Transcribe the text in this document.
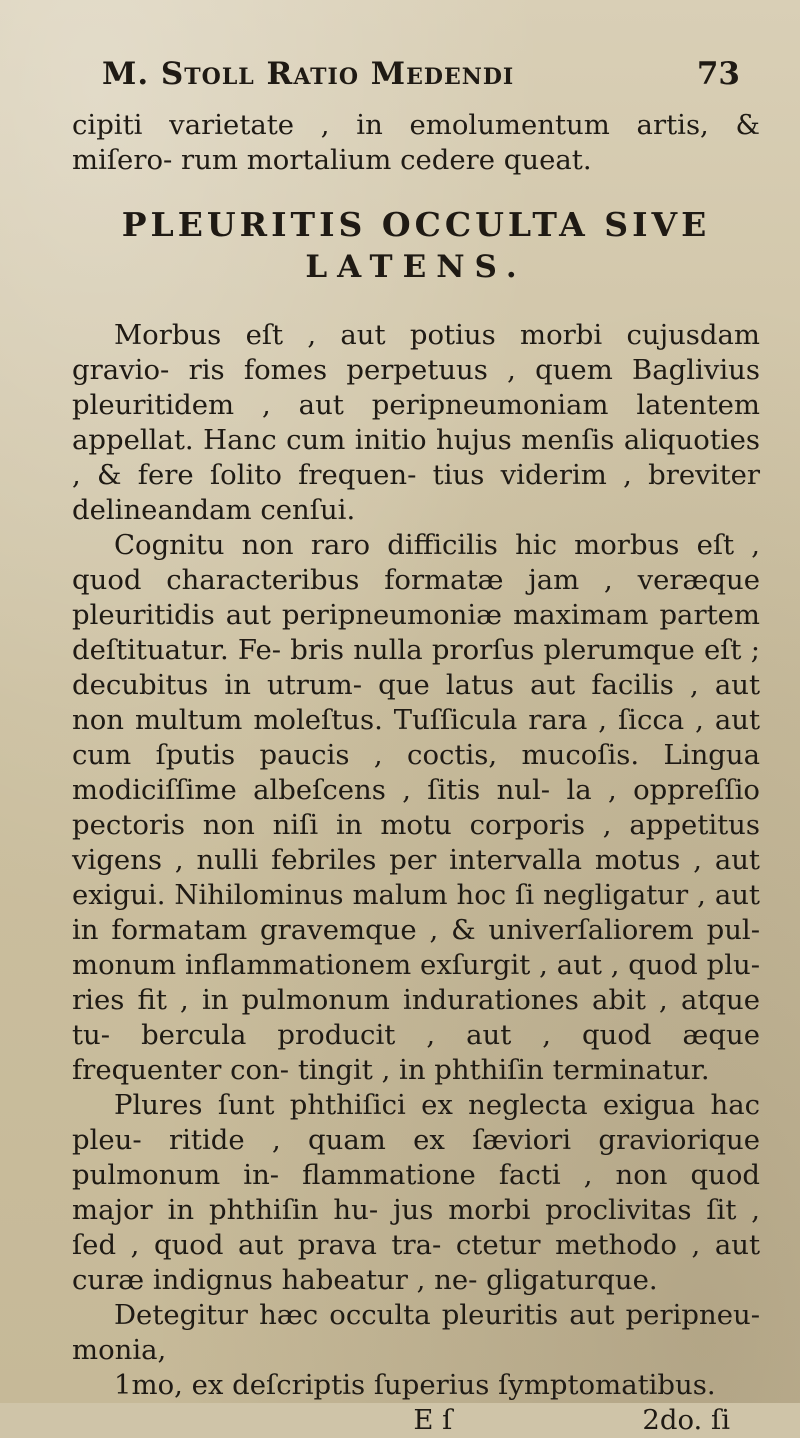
M. Stoll Ratio Medendi	73

cipiti varietate , in emolumentum artis, & miſero- rum mortalium cedere queat.

PLEURITIS OCCULTA SIVE
LATENS.

Morbus eſt , aut potius morbi cujusdam gravio- ris fomes perpetuus , quem Baglivius pleuritidem , aut peripneumoniam latentem appellat. Hanc cum initio hujus menſis aliquoties , & fere ſolito frequen- tius viderim , breviter delineandam cenſui.

Cognitu non raro difficilis hic morbus eſt , quod characteribus formatæ jam , veræque pleuritidis aut peripneumoniæ maximam partem deſtituatur. Fe- bris nulla prorſus plerumque eſt ; decubitus in utrum- que latus aut facilis , aut non multum moleſtus. Tuſſicula rara , ſicca , aut cum ſputis paucis , coctis, mucoſis. Lingua modiciſſime albeſcens , ſitis nul- la , oppreſſio pectoris non niſi in motu corporis , appetitus vigens , nulli febriles per intervalla motus , aut exigui. Nihilominus malum hoc ſi negligatur , aut in formatam gravemque , & univerſaliorem pul- monum inflammationem exſurgit , aut , quod plu- ries fit , in pulmonum indurationes abit , atque tu- bercula producit , aut , quod æque frequenter con- tingit , in phthiſin terminatur.

Plures ſunt phthiſici ex neglecta exigua hac pleu- ritide , quam ex ſæviori graviorique pulmonum in- flammatione facti , non quod major in phthiſin hu- jus morbi proclivitas ſit , ſed , quod aut prava tra- ctetur methodo , aut curæ indignus habeatur , ne- gligaturque.

Detegitur hæc occulta pleuritis aut peripneu- monia,

1mo, ex deſcriptis ſuperius ſymptomatibus.

E ſ	2do. ſi
